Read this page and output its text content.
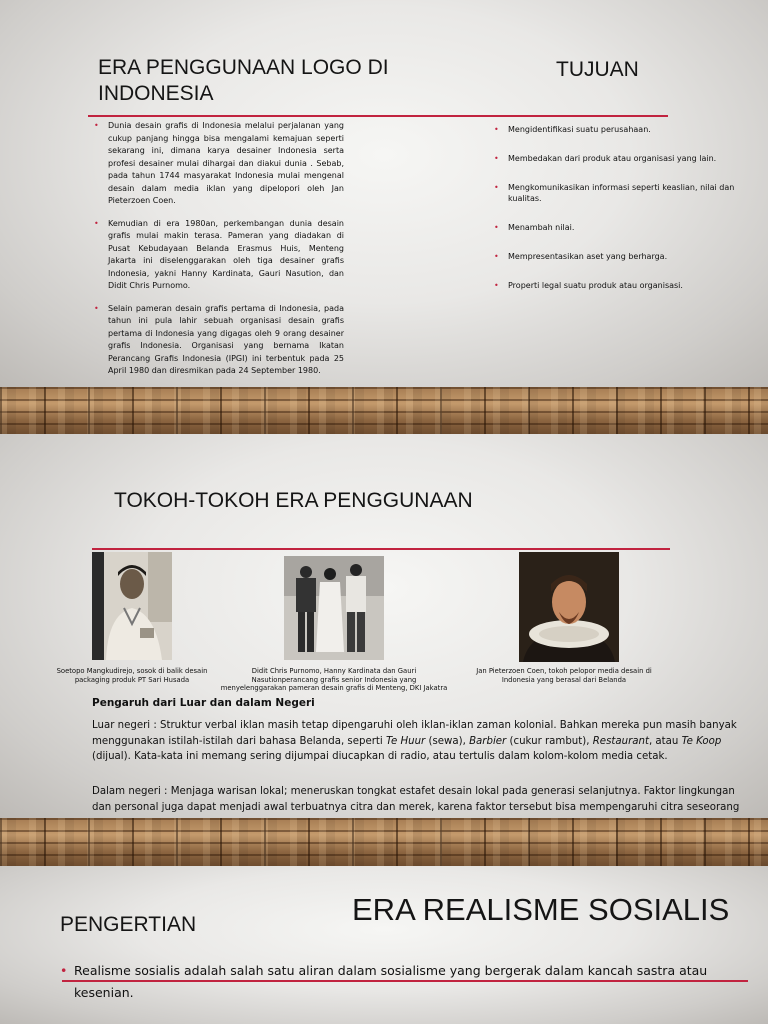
ERA PENGGUNAAN LOGO DI INDONESIA
TUJUAN
• Dunia desain grafis di Indonesia melalui perjalanan yang cukup panjang hingga bisa mengalami kemajuan seperti sekarang ini, dimana karya desainer Indonesia serta profesi desainer mulai dihargai dan diakui dunia . Sebab, pada tahun 1744 masyarakat Indonesia mulai mengenal desain dalam media iklan yang dipelopori oleh Jan Pieterzoen Coen.
• Kemudian di era 1980an, perkembangan dunia desain grafis mulai makin terasa. Pameran yang diadakan di Pusat Kebudayaan Belanda Erasmus Huis, Menteng Jakarta ini diselenggarakan oleh tiga desainer grafis Indonesia, yakni Hanny Kardinata, Gauri Nasution, dan Didit Chris Purnomo.
• Selain pameran desain grafis pertama di Indonesia, pada tahun ini pula lahir sebuah organisasi desain grafis pertama di Indonesia yang digagas oleh 9 orang desainer grafis Indonesia. Organisasi yang bernama Ikatan Perancang Grafis Indonesia (IPGI) ini terbentuk pada 25 April 1980 dan diresmikan pada 24 September 1980.
• Mengidentifikasi suatu perusahaan.
• Membedakan dari produk atau organisasi yang lain.
• Mengkomunikasikan informasi seperti keaslian, nilai dan kualitas.
• Menambah nilai.
• Mempresentasikan aset yang berharga.
• Properti legal suatu produk atau organisasi.
TOKOH-TOKOH ERA PENGGUNAAN
Soetopo Mangkudirejo, sosok di balik desain packaging produk PT Sari Husada
Didit Chris Purnomo, Hanny Kardinata dan Gauri Nasutionperancang grafis senior Indonesia yang menyelenggarakan pameran desain grafis di Menteng, DKI Jakatra
Jan Pieterzoen Coen, tokoh pelopor media desain di Indonesia yang berasal dari Belanda
Pengaruh dari Luar dan dalam Negeri
Luar negeri : Struktur verbal iklan masih tetap dipengaruhi oleh iklan-iklan zaman kolonial. Bahkan mereka pun masih banyak menggunakan istilah-istilah dari bahasa Belanda, seperti Te Huur (sewa), Barbier (cukur rambut), Restaurant, atau Te Koop (dijual). Kata-kata ini memang sering dijumpai diucapkan di radio, atau tertulis dalam kolom-kolom media cetak.
Dalam negeri : Menjaga warisan lokal; meneruskan tongkat estafet desain lokal pada generasi selanjutnya. Faktor lingkungan dan personal juga dapat menjadi awal terbuatnya citra dan merek, karena faktor tersebut bisa mempengaruhi citra seseorang
ERA REALISME SOSIALIS
PENGERTIAN
• Realisme sosialis adalah salah satu aliran dalam sosialisme yang bergerak dalam kancah sastra atau kesenian.
